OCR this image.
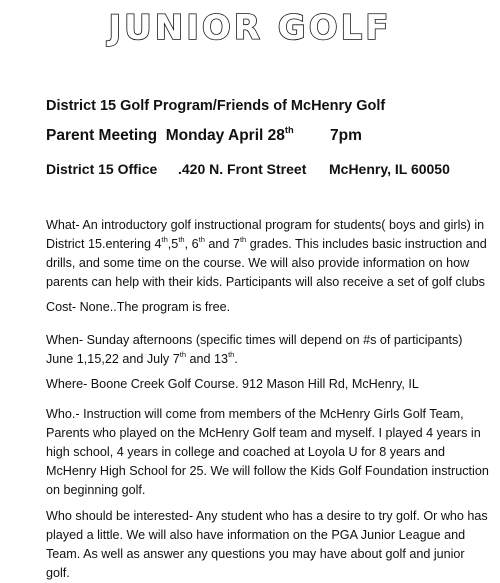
JUNIOR GOLF
District 15 Golf Program/Friends of McHenry Golf
Parent Meeting Monday April 28th 7pm
District 15 Office .420 N. Front Street McHenry, IL 60050

What- An introductory golf instructional program for students( boys and girls) in District 15.entering 4th,5th, 6th and 7th grades. This includes basic instruction and drills, and some time on the course. We will also provide information on how parents can help with their kids. Participants will also receive a set of golf clubs

Cost- None..The program is free.

When- Sunday afternoons (specific times will depend on #s of participants) June 1,15,22 and July 7th and 13th.

Where- Boone Creek Golf Course. 912 Mason Hill Rd, McHenry, IL

Who.- Instruction will come from members of the McHenry Girls Golf Team, Parents who played on the McHenry Golf team and myself. I played 4 years in high school, 4 years in college and coached at Loyola U for 8 years and McHenry High School for 25. We will follow the Kids Golf Foundation instruction on beginning golf.

Who should be interested- Any student who has a desire to try golf. Or who has played a little. We will also have information on the PGA Junior League and Team. As well as answer any questions you may have about golf and junior golf.
